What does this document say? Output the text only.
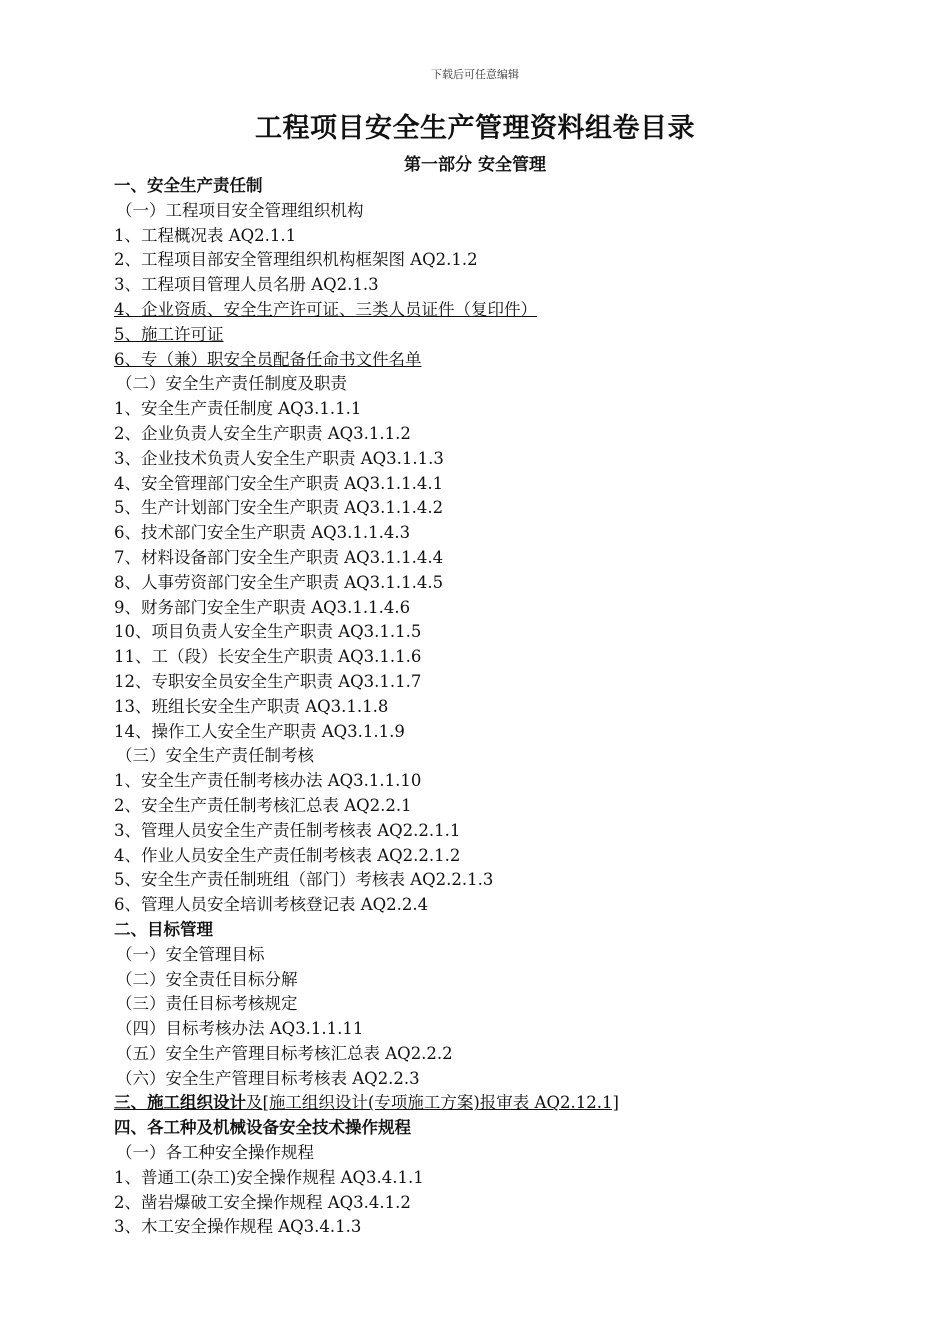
下载后可任意编辑
工程项目安全生产管理资料组卷目录
第一部分 安全管理
一、安全生产责任制
（一）工程项目安全管理组织机构
1、工程概况表 AQ2.1.1
2、工程项目部安全管理组织机构框架图 AQ2.1.2
3、工程项目管理人员名册 AQ2.1.3
4、企业资质、安全生产许可证、三类人员证件（复印件）
5、施工许可证
6、专（兼）职安全员配备任命书文件名单
（二）安全生产责任制度及职责
1、安全生产责任制度 AQ3.1.1.1
2、企业负责人安全生产职责 AQ3.1.1.2
3、企业技术负责人安全生产职责 AQ3.1.1.3
4、安全管理部门安全生产职责 AQ3.1.1.4.1
5、生产计划部门安全生产职责 AQ3.1.1.4.2
6、技术部门安全生产职责 AQ3.1.1.4.3
7、材料设备部门安全生产职责 AQ3.1.1.4.4
8、人事劳资部门安全生产职责 AQ3.1.1.4.5
9、财务部门安全生产职责 AQ3.1.1.4.6
10、项目负责人安全生产职责 AQ3.1.1.5
11、工（段）长安全生产职责 AQ3.1.1.6
12、专职安全员安全生产职责 AQ3.1.1.7
13、班组长安全生产职责 AQ3.1.1.8
14、操作工人安全生产职责 AQ3.1.1.9
（三）安全生产责任制考核
1、安全生产责任制考核办法 AQ3.1.1.10
2、安全生产责任制考核汇总表 AQ2.2.1
3、管理人员安全生产责任制考核表 AQ2.2.1.1
4、作业人员安全生产责任制考核表 AQ2.2.1.2
5、安全生产责任制班组（部门）考核表 AQ2.2.1.3
6、管理人员安全培训考核登记表 AQ2.2.4
二、目标管理
（一）安全管理目标
（二）安全责任目标分解
（三）责任目标考核规定
（四）目标考核办法 AQ3.1.1.11
（五）安全生产管理目标考核汇总表 AQ2.2.2
（六）安全生产管理目标考核表 AQ2.2.3
三、施工组织设计及[施工组织设计(专项施工方案)报审表 AQ2.12.1]
四、各工种及机械设备安全技术操作规程
（一）各工种安全操作规程
1、普通工(杂工)安全操作规程 AQ3.4.1.1
2、凿岩爆破工安全操作规程 AQ3.4.1.2
3、木工安全操作规程 AQ3.4.1.3
